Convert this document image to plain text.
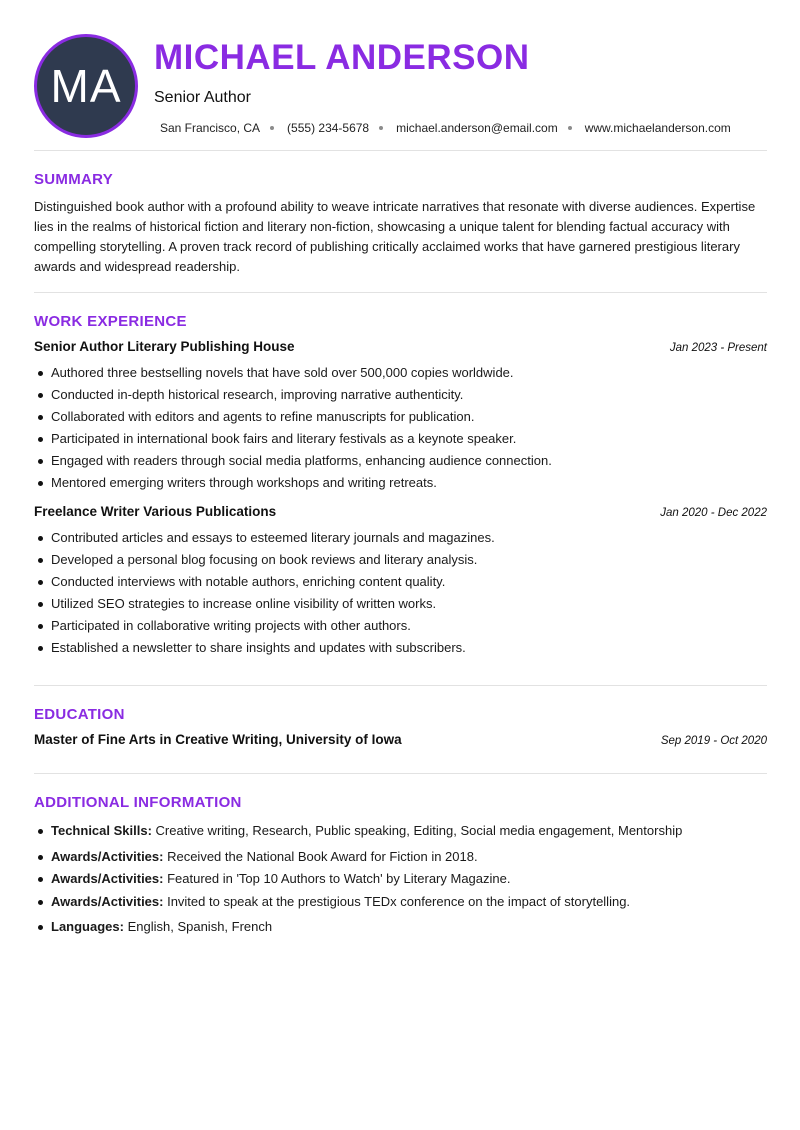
MA
MICHAEL ANDERSON
Senior Author
San Francisco, CA (555) 234-5678 michael.anderson@email.com www.michaelanderson.com
SUMMARY

Distinguished book author with a profound ability to weave intricate narratives that resonate with diverse audiences. Expertise lies in the realms of historical fiction and literary non-fiction, showcasing a unique talent for blending factual accuracy with compelling storytelling. A proven track record of publishing critically acclaimed works that have garnered prestigious literary awards and widespread readership.

WORK EXPERIENCE
Senior Author Literary Publishing House	Jan 2023 - Present
Authored three bestselling novels that have sold over 500,000 copies worldwide.
Conducted in-depth historical research, improving narrative authenticity.
Collaborated with editors and agents to refine manuscripts for publication.
Participated in international book fairs and literary festivals as a keynote speaker.
Engaged with readers through social media platforms, enhancing audience connection.
Mentored emerging writers through workshops and writing retreats.
Freelance Writer Various Publications	Jan 2020 - Dec 2022
Contributed articles and essays to esteemed literary journals and magazines.
Developed a personal blog focusing on book reviews and literary analysis.
Conducted interviews with notable authors, enriching content quality.
Utilized SEO strategies to increase online visibility of written works.
Participated in collaborative writing projects with other authors.
Established a newsletter to share insights and updates with subscribers.
EDUCATION
Master of Fine Arts in Creative Writing, University of Iowa	Sep 2019 - Oct 2020
ADDITIONAL INFORMATION
Technical Skills: Creative writing, Research, Public speaking, Editing, Social media engagement, Mentorship
Awards/Activities: Received the National Book Award for Fiction in 2018.
Awards/Activities: Featured in 'Top 10 Authors to Watch' by Literary Magazine.
Awards/Activities: Invited to speak at the prestigious TEDx conference on the impact of storytelling.
Languages: English, Spanish, French
